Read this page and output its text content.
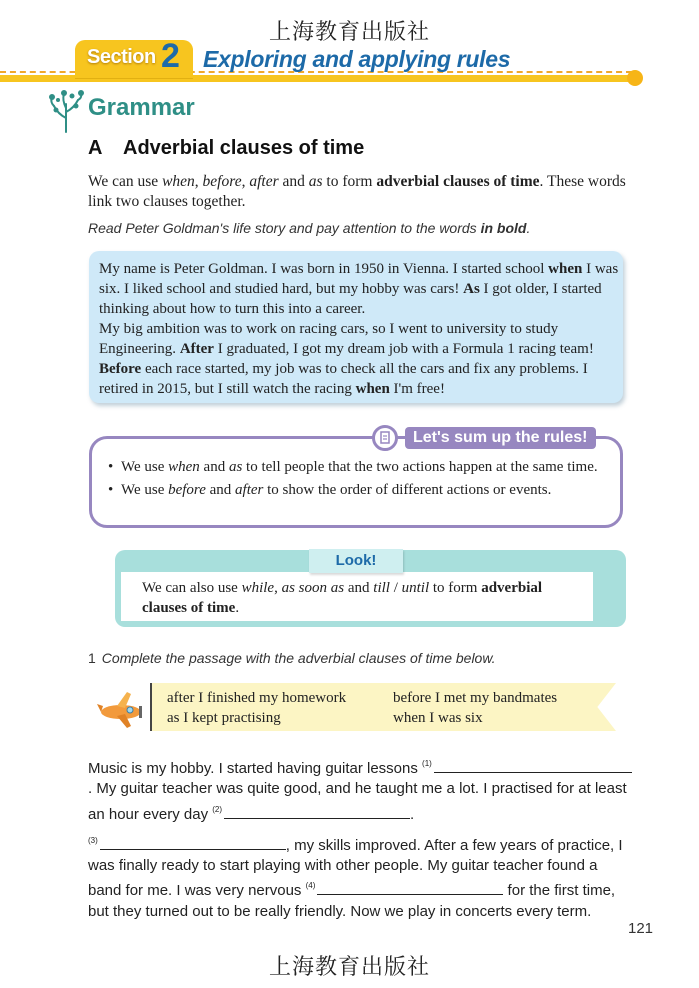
上海教育出版社
Section 2 Exploring and applying rules
Grammar
A Adverbial clauses of time
We can use when, before, after and as to form adverbial clauses of time. These words link two clauses together.
Read Peter Goldman's life story and pay attention to the words in bold.
My name is Peter Goldman. I was born in 1950 in Vienna. I started school when I was six. I liked school and studied hard, but my hobby was cars! As I got older, I started thinking about how to turn this into a career.
My big ambition was to work on racing cars, so I went to university to study Engineering. After I graduated, I got my dream job with a Formula 1 racing team! Before each race started, my job was to check all the cars and fix any problems. I retired in 2015, but I still watch the racing when I'm free!
Let's sum up the rules!
• We use when and as to tell people that the two actions happen at the same time.
• We use before and after to show the order of different actions or events.
Look!
We can also use while, as soon as and till / until to form adverbial clauses of time.
1 Complete the passage with the adverbial clauses of time below.
after I finished my homework	before I met my bandmates
as I kept practising	when I was six
Music is my hobby. I started having guitar lessons $^{(1)}$. My guitar teacher was quite good, and he taught me a lot. I practised for at least an hour every day $^{(2)}$	.
$^{(3)}$	, my skills improved. After a few years of practice, I was finally ready to start playing with other people. My guitar teacher found a band for me. I was very nervous $^{(4)}$	for the first time, but they turned out to be really friendly. Now we play in concerts every term.
121
上海教育出版社
